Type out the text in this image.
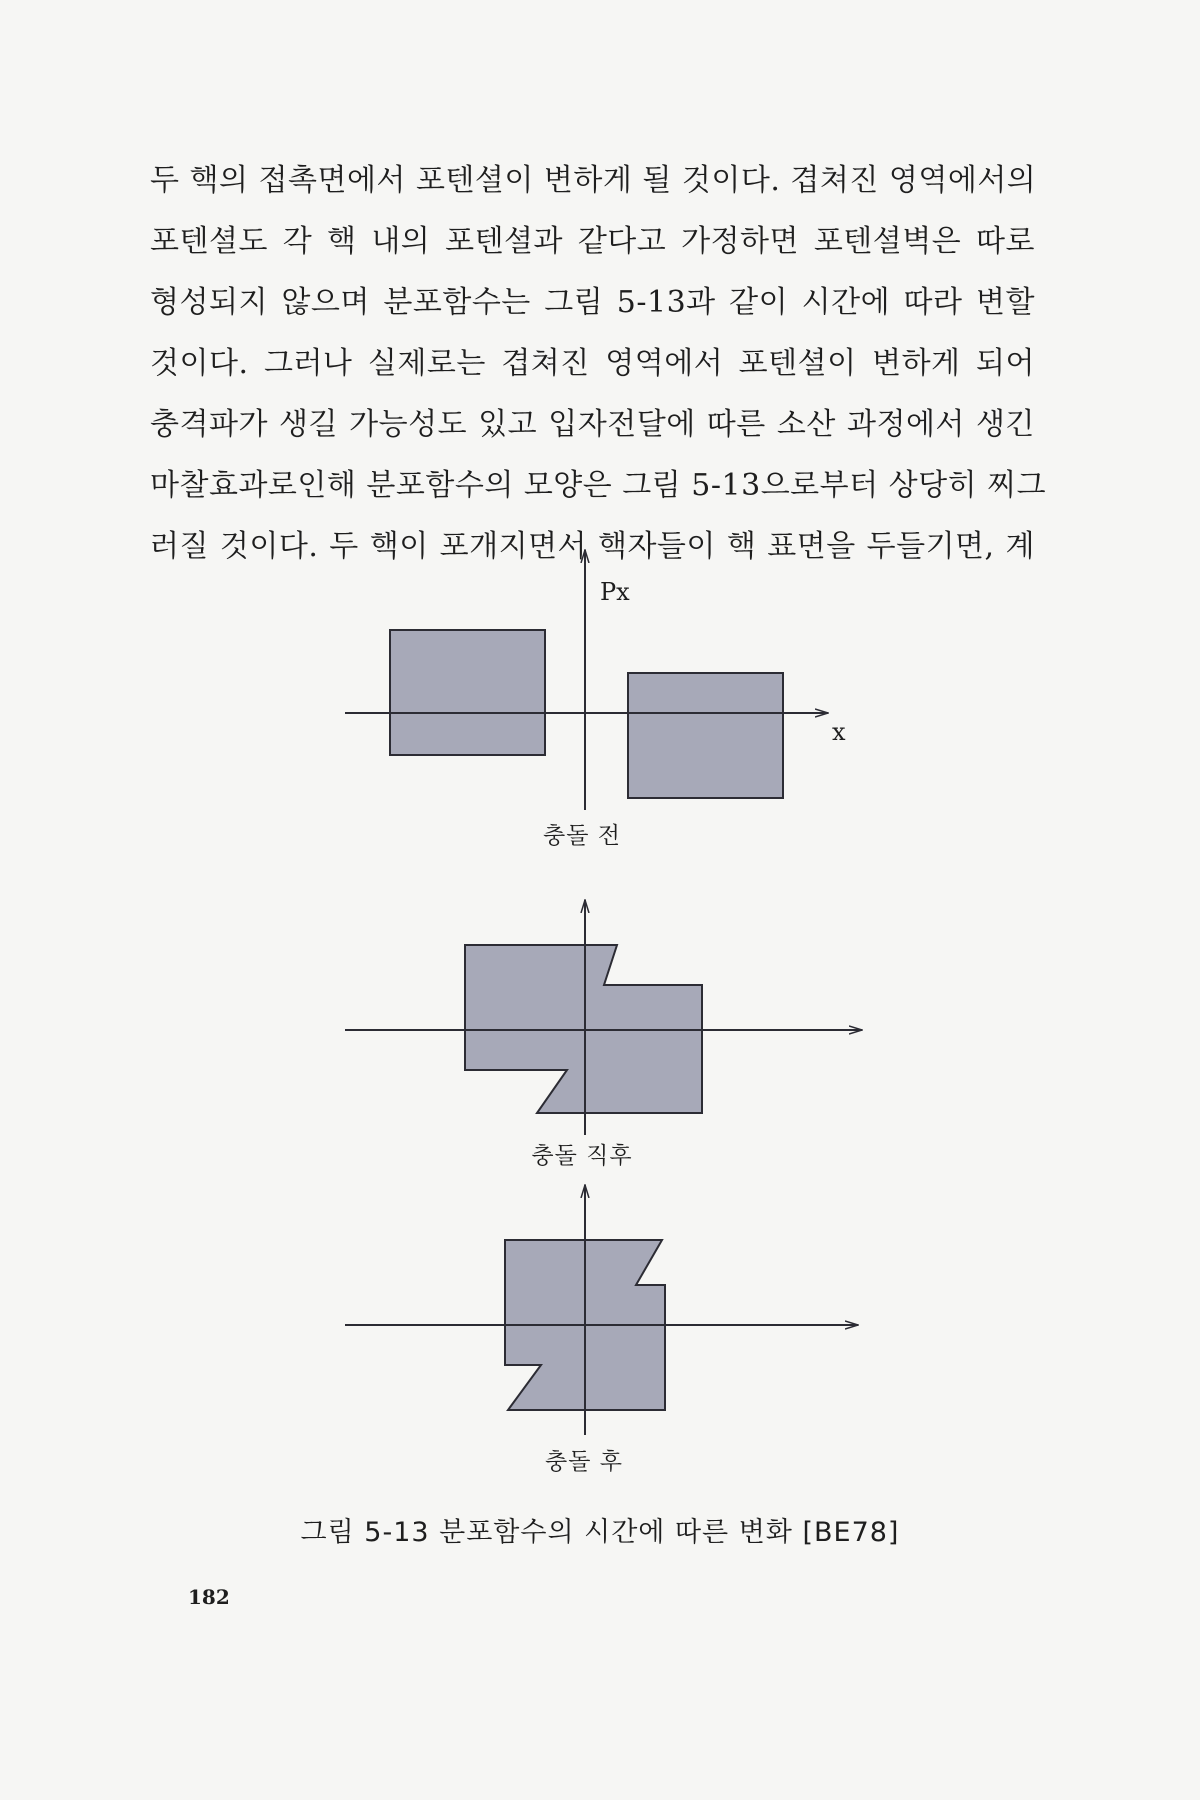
두 핵의 접촉면에서 포텐셜이 변하게 될 것이다. 겹쳐진 영역에서의
포텐셜도 각 핵 내의 포텐셜과 같다고 가정하면 포텐셜벽은 따로
형성되지 않으며 분포함수는 그림 5-13과 같이 시간에 따라 변할
것이다. 그러나 실제로는 겹쳐진 영역에서 포텐셜이 변하게 되어
충격파가 생길 가능성도 있고 입자전달에 따른 소산 과정에서 생긴
마찰효과로인해 분포함수의 모양은 그림 5-13으로부터 상당히 찌그
러질 것이다. 두 핵이 포개지면서 핵자들이 핵 표면을 두들기면, 계
Px
x
충돌 전
충돌 직후
충돌 후
그림 5-13 분포함수의 시간에 따른 변화 [BE78]
182
